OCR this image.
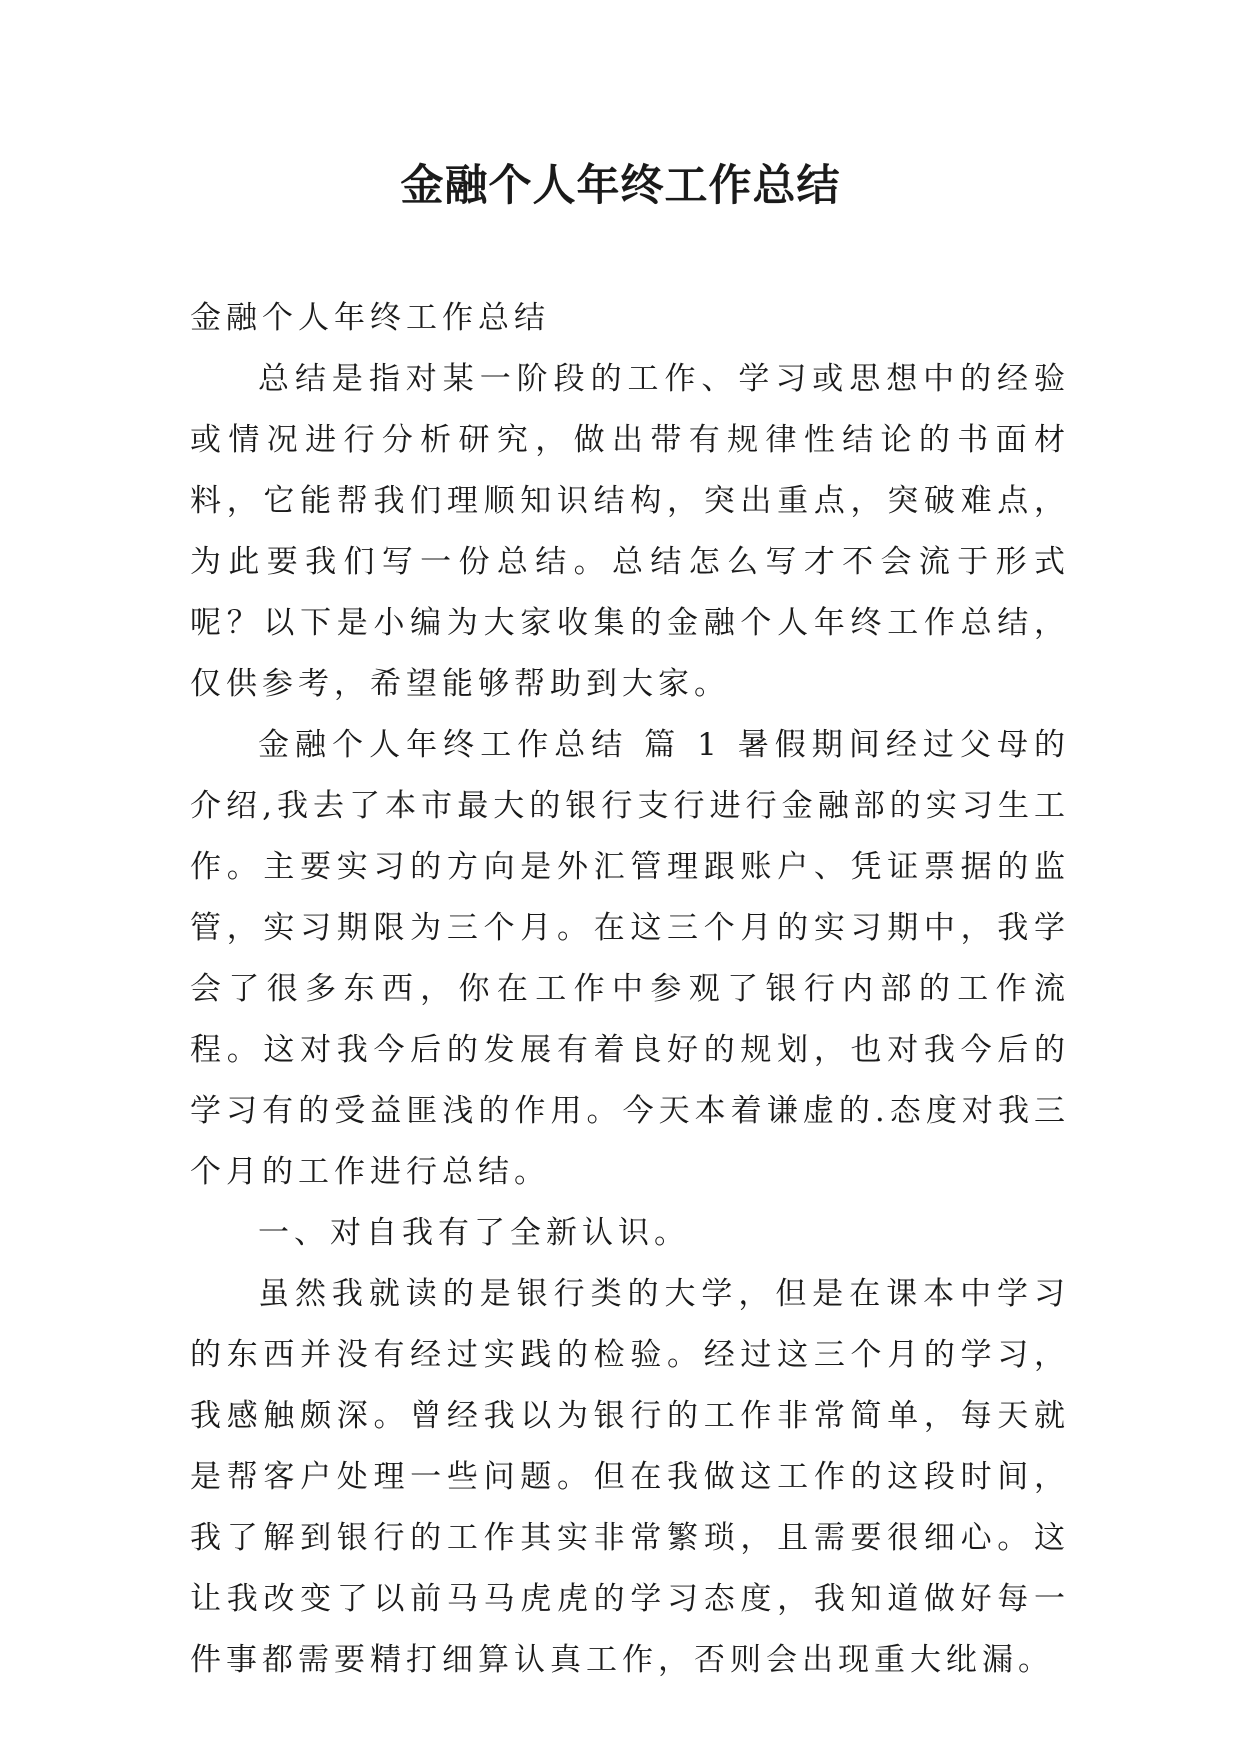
金融个人年终工作总结

金融个人年终工作总结

总结是指对某一阶段的工作、学习或思想中的经验或情况进行分析研究，做出带有规律性结论的书面材料，它能帮我们理顺知识结构，突出重点，突破难点，为此要我们写一份总结。总结怎么写才不会流于形式呢？以下是小编为大家收集的金融个人年终工作总结，仅供参考，希望能够帮助到大家。

金融个人年终工作总结 篇 1 暑假期间经过父母的介绍,我去了本市最大的银行支行进行金融部的实习生工作。主要实习的方向是外汇管理跟账户、凭证票据的监管，实习期限为三个月。在这三个月的实习期中，我学会了很多东西，你在工作中参观了银行内部的工作流程。这对我今后的发展有着良好的规划，也对我今后的学习有的受益匪浅的作用。今天本着谦虚的.态度对我三个月的工作进行总结。

一、对自我有了全新认识。

虽然我就读的是银行类的大学，但是在课本中学习的东西并没有经过实践的检验。经过这三个月的学习，我感触颇深。曾经我以为银行的工作非常简单，每天就是帮客户处理一些问题。但在我做这工作的这段时间，我了解到银行的工作其实非常繁琐，且需要很细心。这让我改变了以前马马虎虎的学习态度，我知道做好每一件事都需要精打细算认真工作，否则会出现重大纰漏。
